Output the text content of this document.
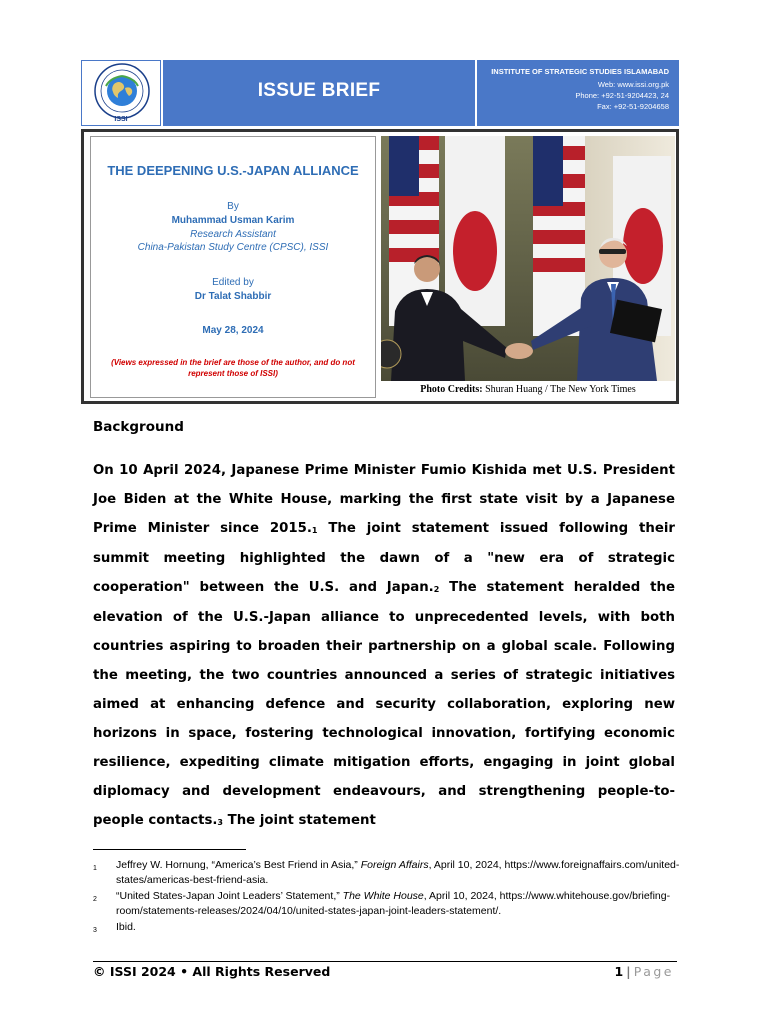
ISSI
ISSUE BRIEF
INSTITUTE OF STRATEGIC STUDIES ISLAMABAD
Web: www.issi.org.pk
Phone: +92-51-9204423, 24
Fax: +92-51-9204658
THE DEEPENING U.S.-JAPAN ALLIANCE
By
Muhammad Usman Karim
Research Assistant
China-Pakistan Study Centre (CPSC), ISSI
Edited by
Dr Talat Shabbir
May 28, 2024
(Views expressed in the brief are those of the author, and do not represent those of ISSI)
Photo Credits: Shuran Huang / The New York Times
Background
On 10 April 2024, Japanese Prime Minister Fumio Kishida met U.S. President Joe Biden at the White House, marking the first state visit by a Japanese Prime Minister since 2015.$^1$ The joint statement issued following their summit meeting highlighted the dawn of a "new era of strategic cooperation" between the U.S. and Japan.$^2$ The statement heralded the elevation of the U.S.-Japan alliance to unprecedented levels, with both countries aspiring to broaden their partnership on a global scale. Following the meeting, the two countries announced a series of strategic initiatives aimed at enhancing defence and security collaboration, exploring new horizons in space, fostering technological innovation, fortifying economic resilience, expediting climate mitigation efforts, engaging in joint global diplomacy and development endeavours, and strengthening people-to-people contacts.$^3$ The joint statement
1 Jeffrey W. Hornung, “America’s Best Friend in Asia,” Foreign Affairs, April 10, 2024, https://www.foreignaffairs.com/united-states/americas-best-friend-asia.
2 “United States-Japan Joint Leaders’ Statement,” The White House, April 10, 2024, https://www.whitehouse.gov/briefing-room/statements-releases/2024/04/10/united-states-japan-joint-leaders-statement/.
3 Ibid.
© ISSI 2024 • All Rights Reserved	1 | Page
